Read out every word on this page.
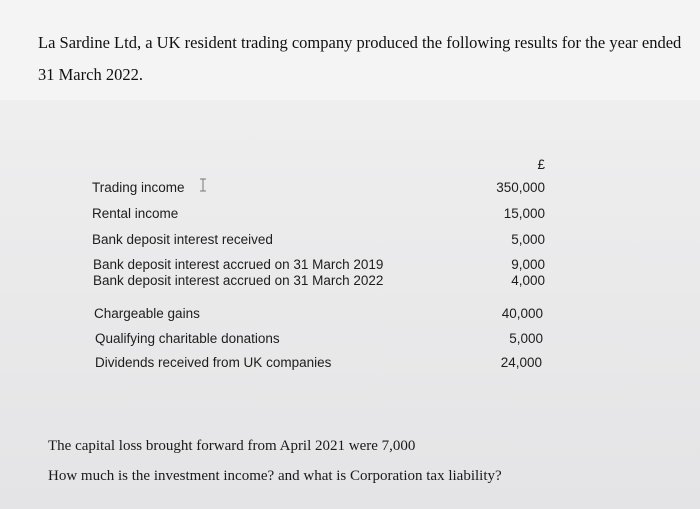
La Sardine Ltd, a UK resident trading company produced the following results for the year ended
31 March 2022.
£
Trading income	350,000
Rental income	15,000
Bank deposit interest received	5,000
Bank deposit interest accrued on 31 March 2019	9,000
Bank deposit interest accrued on 31 March 2022	4,000
Chargeable gains	40,000
Qualifying charitable donations	5,000
Dividends received from UK companies	24,000
The capital loss brought forward from April 2021 were 7,000
How much is the investment income? and what is Corporation tax liability?
